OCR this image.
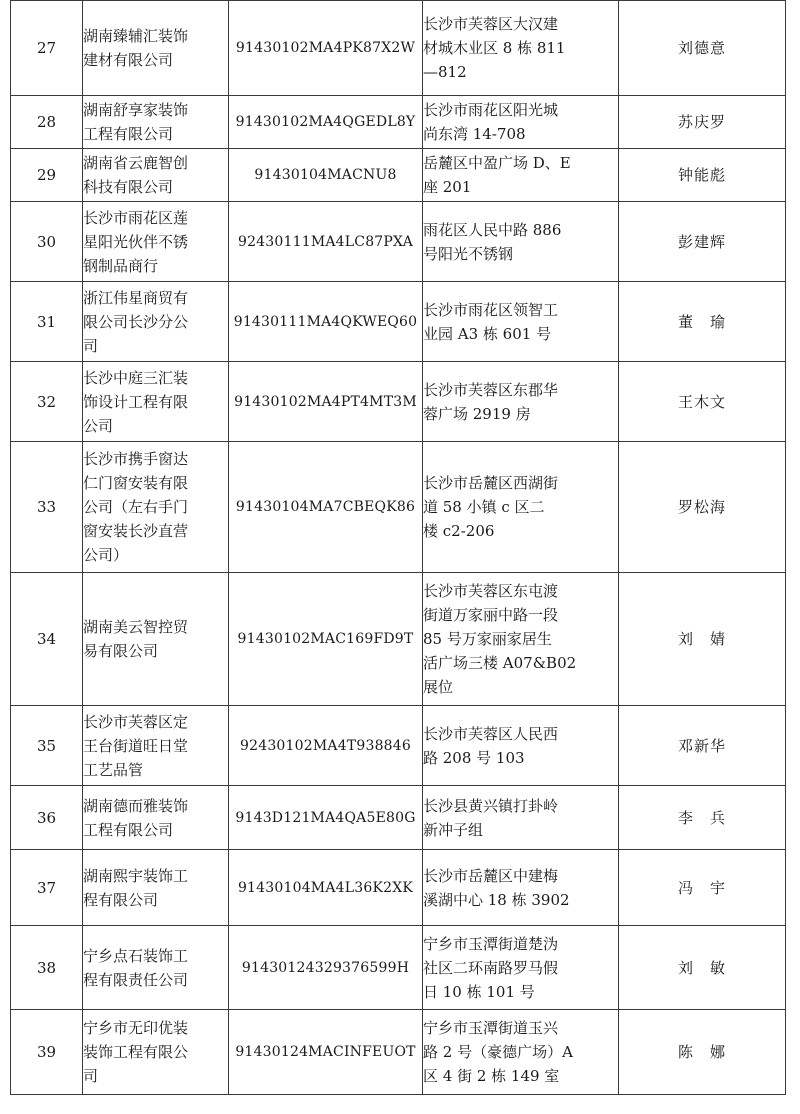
27	湖南臻辅汇装饰
建材有限公司	91430102MA4PK87X2W	长沙市芙蓉区大汉建
材城木业区 8 栋 811
—812	刘德意
28	湖南舒享家装饰
工程有限公司	91430102MA4QGEDL8Y	长沙市雨花区阳光城
尚东湾 14-708	苏庆罗
29	湖南省云鹿智创
科技有限公司	91430104MACNU8	岳麓区中盈广场 D、E
座 201	钟能彪
30	长沙市雨花区莲
星阳光伙伴不锈
钢制品商行	92430111MA4LC87PXA	雨花区人民中路 886
号阳光不锈钢	彭建辉
31	浙江伟星商贸有
限公司长沙分公
司	91430111MA4QKWEQ60	长沙市雨花区领智工
业园 A3 栋 601 号	董　瑜
32	长沙中庭三汇装
饰设计工程有限
公司	91430102MA4PT4MT3M	长沙市芙蓉区东郡华
蓉广场 2919 房	王木文
33	长沙市携手窗达
仁门窗安装有限
公司（左右手门
窗安装长沙直营
公司）	91430104MA7CBEQK86	长沙市岳麓区西湖街
道 58 小镇 c 区二
楼 c2-206	罗松海
34	湖南美云智控贸
易有限公司	91430102MAC169FD9T	长沙市芙蓉区东屯渡
街道万家丽中路一段
85 号万家丽家居生
活广场三楼 A07&B02
展位	刘　婧
35	长沙市芙蓉区定
王台街道旺日堂
工艺品管	92430102MA4T938846	长沙市芙蓉区人民西
路 208 号 103	邓新华
36	湖南德而雅装饰
工程有限公司	9143D121MA4QA5E80G	长沙县黄兴镇打卦岭
新冲子组	李　兵
37	湖南熙宇装饰工
程有限公司	91430104MA4L36K2XK	长沙市岳麓区中建梅
溪湖中心 18 栋 3902	冯　宇
38	宁乡点石装饰工
程有限责任公司	91430124329376599H	宁乡市玉潭街道楚沩
社区二环南路罗马假
日 10 栋 101 号	刘　敏
39	宁乡市无印优装
装饰工程有限公
司	91430124MACINFEUOT	宁乡市玉潭街道玉兴
路 2 号（豪德广场）A
区 4 街 2 栋 149 室	陈　娜
